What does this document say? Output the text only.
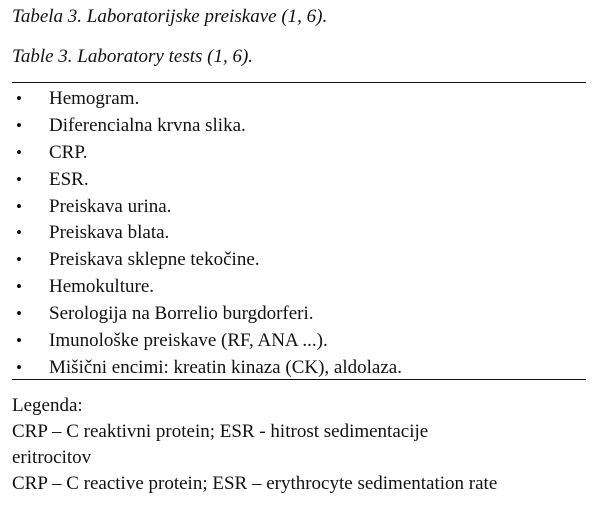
Tabela 3. Laboratorijske preiskave (1, 6).
Table 3. Laboratory tests (1, 6).
• Hemogram.
• Diferencialna krvna slika.
• CRP.
• ESR.
• Preiskava urina.
• Preiskava blata.
• Preiskava sklepne tekočine.
• Hemokulture.
• Serologija na Borrelio burgdorferi.
• Imunološke preiskave (RF, ANA ...).
• Mišični encimi: kreatin kinaza (CK), aldolaza.
Legenda:
CRP – C reaktivni protein; ESR - hitrost sedimentacije
eritrocitov
CRP – C reactive protein; ESR – erythrocyte sedimentation rate
